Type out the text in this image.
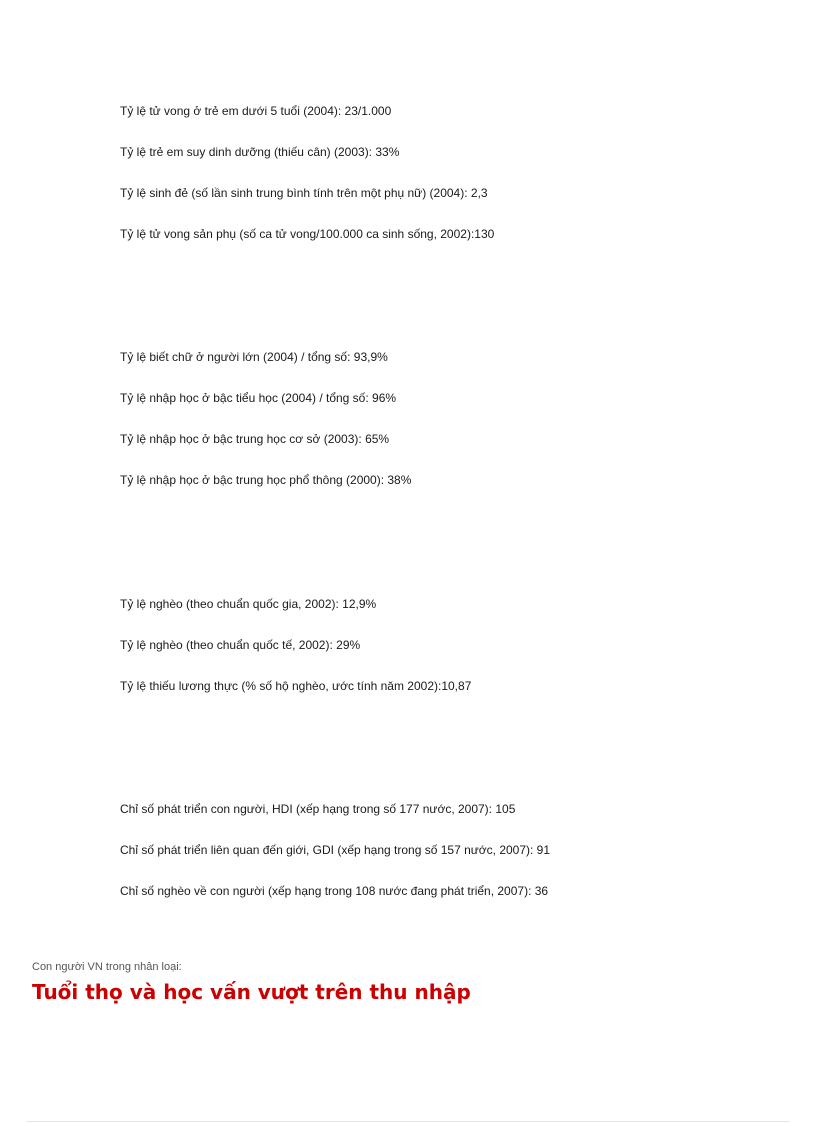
Tỷ lệ tử vong ở trẻ em dưới 5 tuổi (2004): 23/1.000
Tỷ lệ trẻ em suy dinh dưỡng (thiếu cân) (2003): 33%
Tỷ lệ sinh đẻ (số lần sinh trung bình tính trên một phụ nữ) (2004): 2,3
Tỷ lệ tử vong sản phụ (số ca tử vong/100.000 ca sinh sống, 2002):130
Tỷ lệ biết chữ ở người lớn (2004) / tổng số: 93,9%
Tỷ lệ nhập học ở bậc tiểu học (2004) / tổng số: 96%
Tỷ lệ nhập học ở bậc trung học cơ sở (2003): 65%
Tỷ lệ nhập học ở bậc trung học phổ thông (2000): 38%
Tỷ lệ nghèo (theo chuẩn quốc gia, 2002): 12,9%
Tỷ lệ nghèo (theo chuẩn quốc tế, 2002): 29%
Tỷ lệ thiếu lương thực (% số hộ nghèo, ước tính năm 2002):10,87
Chỉ số phát triển con người, HDI (xếp hạng trong số 177 nước, 2007): 105
Chỉ số phát triển liên quan đến giới, GDI (xếp hạng trong số 157 nước, 2007): 91
Chỉ số nghèo về con người (xếp hạng trong 108 nước đang phát triển, 2007): 36
Con người VN trong nhân loại:
Tuổi thọ và học vấn vượt trên thu nhập
